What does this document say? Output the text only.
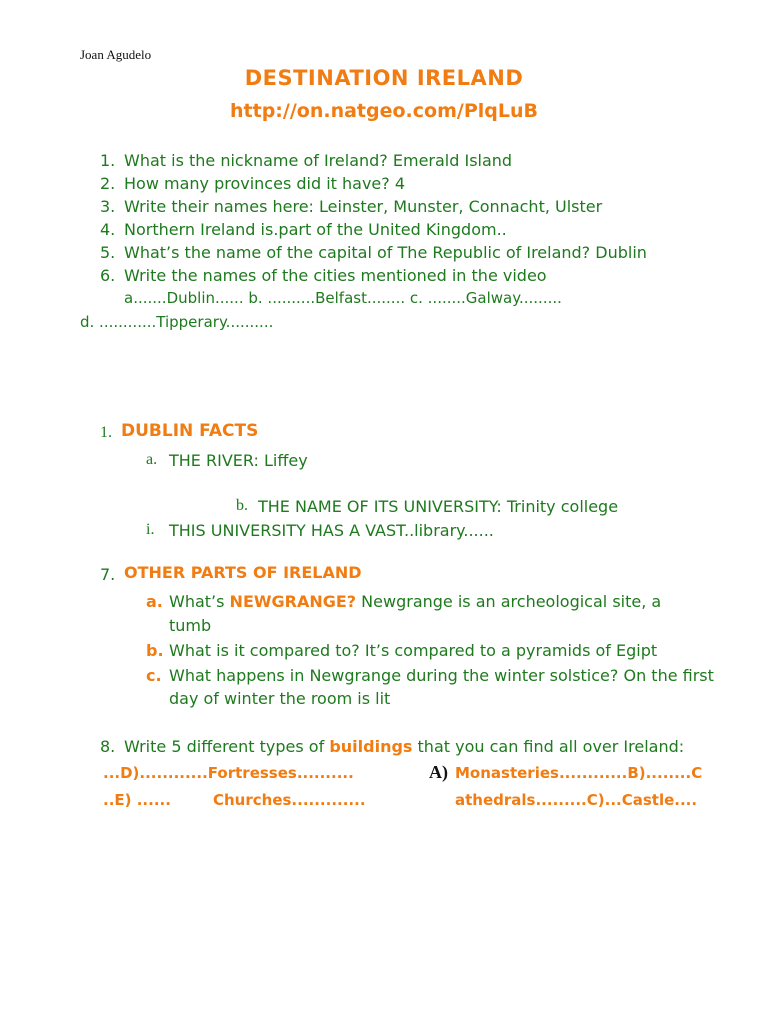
Joan Agudelo
DESTINATION IRELAND
http://on.natgeo.com/PlqLuB
1. What is the nickname of Ireland? Emerald Island
2. How many provinces did it have? 4
3. Write their names here: Leinster, Munster, Connacht, Ulster
4. Northern Ireland is.part of the United Kingdom..
5. What’s the name of the capital of The Republic of Ireland? Dublin
6. Write the names of the cities mentioned in the video
a.......Dublin...... b. ..........Belfast........ c. ........Galway.........
d. ............Tipperary..........
1. DUBLIN FACTS
a. THE RIVER: Liffey
b. THE NAME OF ITS UNIVERSITY: Trinity college
i. THIS UNIVERSITY HAS A VAST..library......
7. OTHER PARTS OF IRELAND
a. What’s NEWGRANGE? Newgrange is an archeological site, a
tumb
b. What is it compared to? It’s compared to a pyramids of Egipt
c. What happens in Newgrange during the winter solstice? On the first
day of winter the room is lit
8. Write 5 different types of buildings that you can find all over Ireland:
...D)............Fortresses..........	A) Monasteries............B)........C
..E) ......	Churches.............	athedrals.........C)...Castle....
